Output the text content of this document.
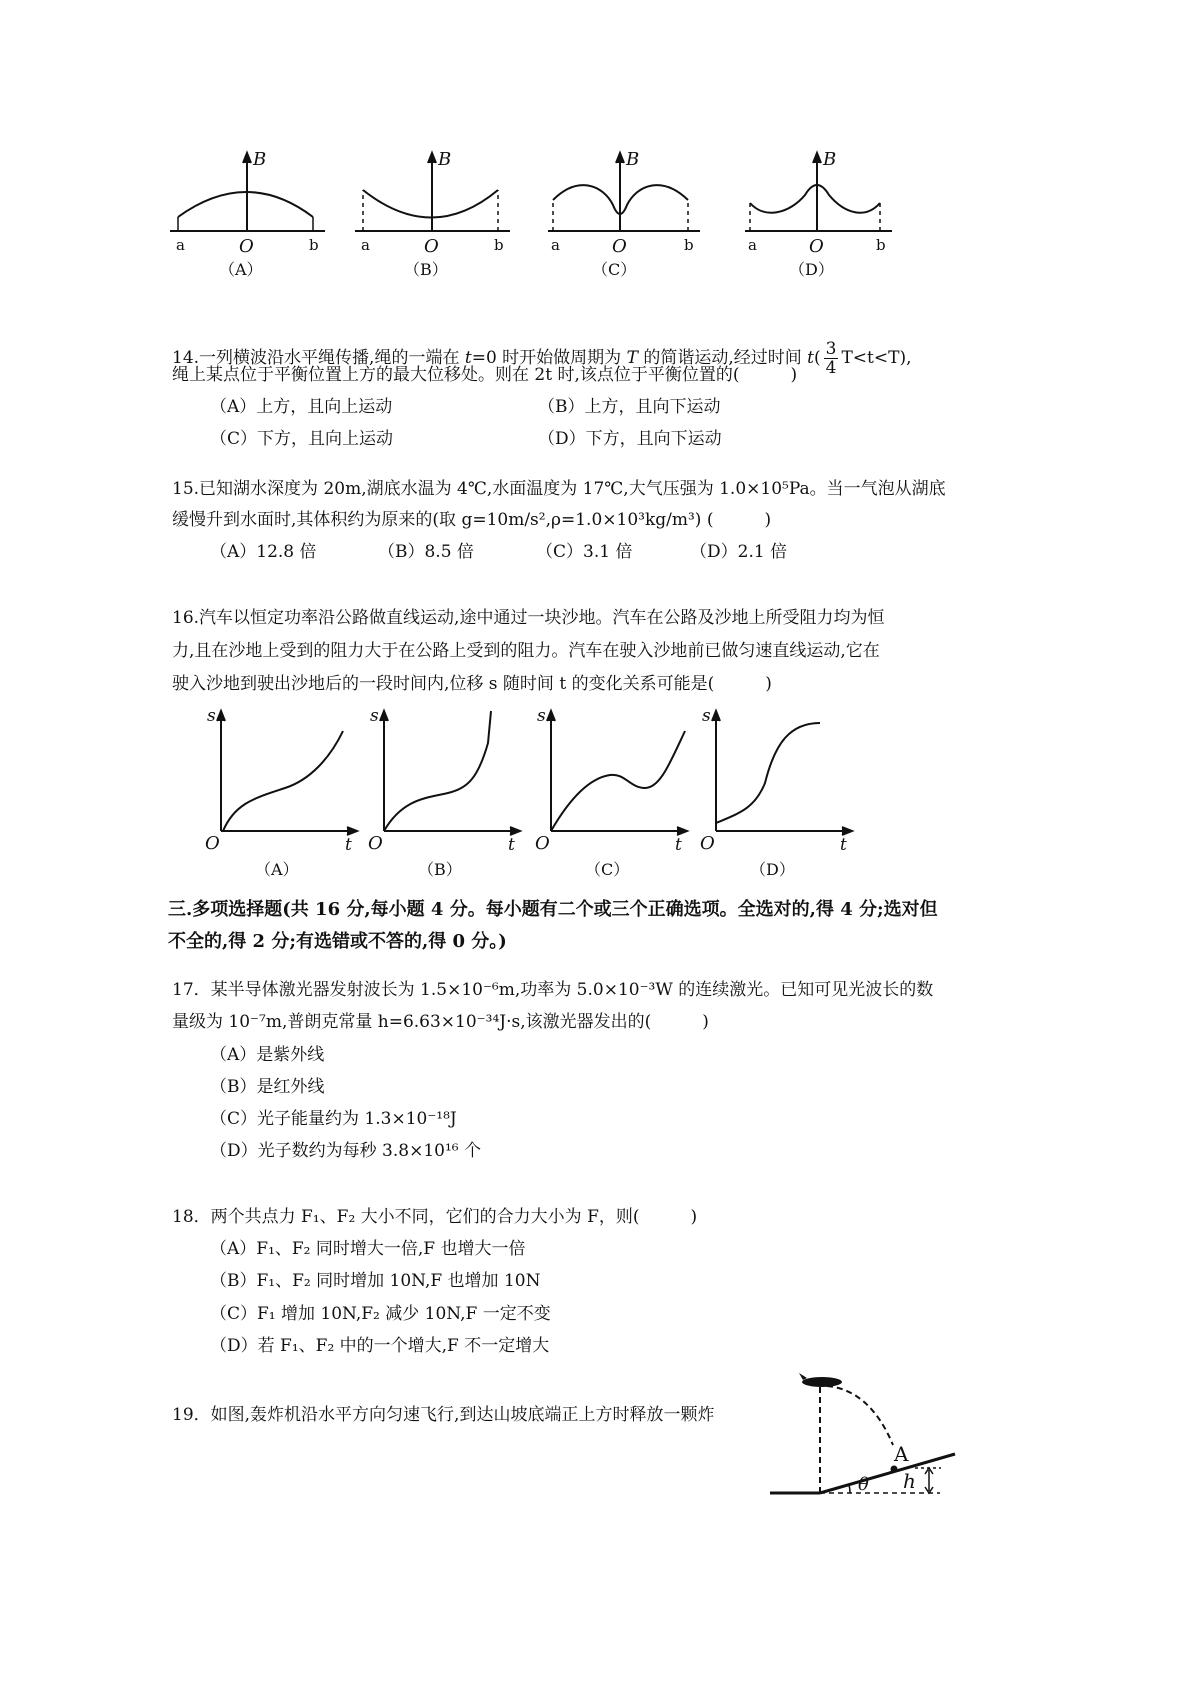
B
a	b
O
（A）
B
a	b
O
（B）
B
a	b
O
（C）
B
a	b
O
（D）
14.一列横波沿水平绳传播,绳的一端在 t=0 时开始做周期为 T 的简谐运动,经过时间 $t( \frac{3}{4} T<t<T)$,
绳上某点位于平衡位置上方的最大位移处。则在 2t 时,该点位于平衡位置的(　　　)
（A）上方，且向上运动	（B）上方，且向下运动
（C）下方，且向上运动	（D）下方，且向下运动
15.已知湖水深度为 20m,湖底水温为 4℃,水面温度为 17℃,大气压强为 1.0×10⁵Pa。当一气泡从湖底
缓慢升到水面时,其体积约为原来的(取 g=10m/s²,ρ=1.0×10³kg/m³) (　　　)
（A）12.8 倍	（B）8.5 倍	（C）3.1 倍	（D）2.1 倍
16.汽车以恒定功率沿公路做直线运动,途中通过一块沙地。汽车在公路及沙地上所受阻力均为恒
力,且在沙地上受到的阻力大于在公路上受到的阻力。汽车在驶入沙地前已做匀速直线运动,它在
驶入沙地到驶出沙地后的一段时间内,位移 s 随时间 t 的变化关系可能是(　　　)
s
t
O
（A）
s
t
O
（B）
s
t
O
（C）
s
t
O
（D）
三.多项选择题(共 16 分,每小题 4 分。每小题有二个或三个正确选项。全选对的,得 4 分;选对但
不全的,得 2 分;有选错或不答的,得 0 分。)
17．某半导体激光器发射波长为 1.5×10⁻⁶m,功率为 5.0×10⁻³W 的连续激光。已知可见光波长的数
量级为 10⁻⁷m,普朗克常量 h=6.63×10⁻³⁴J·s,该激光器发出的(　　　)
（A）是紫外线
（B）是红外线
（C）光子能量约为 1.3×10⁻¹⁸J
（D）光子数约为每秒 3.8×10¹⁶ 个
18．两个共点力 F₁、F₂ 大小不同，它们的合力大小为 F，则(　　　)
（A）F₁、F₂ 同时增大一倍,F 也增大一倍
（B）F₁、F₂ 同时增加 10N,F 也增加 10N
（C）F₁ 增加 10N,F₂ 减少 10N,F 一定不变
（D）若 F₁、F₂ 中的一个增大,F 不一定增大
19．如图,轰炸机沿水平方向匀速飞行,到达山坡底端正上方时释放一颗炸
θ
A
h
